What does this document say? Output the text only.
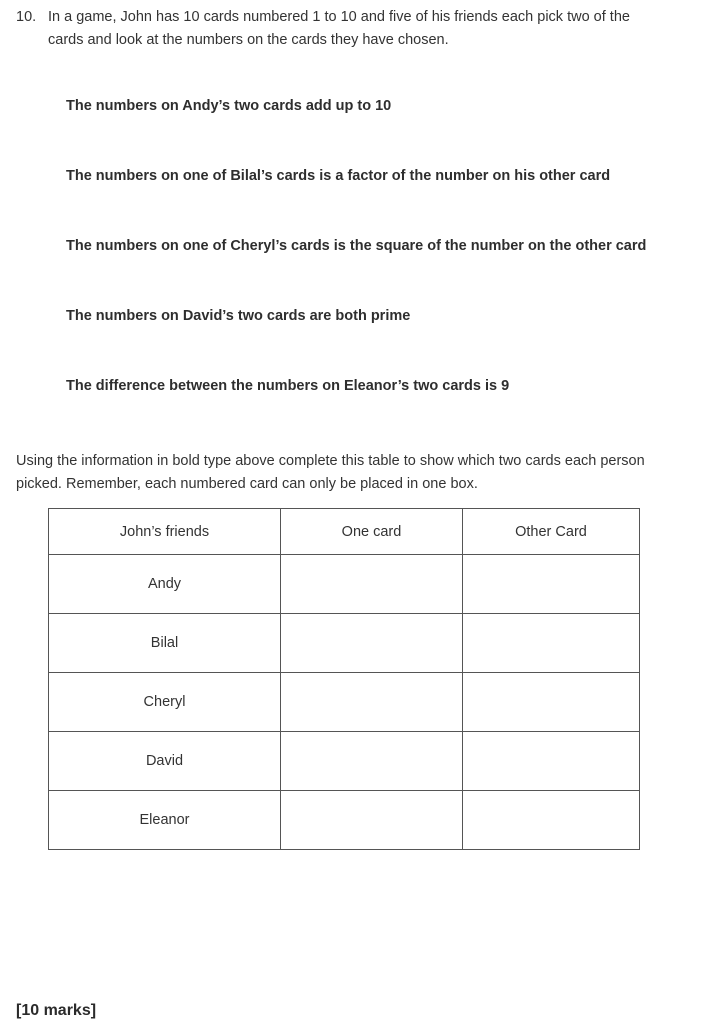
10. In a game, John has 10 cards numbered 1 to 10 and five of his friends each pick two of the
cards and look at the numbers on the cards they have chosen.
The numbers on Andy’s two cards add up to 10
The numbers on one of Bilal’s cards is a factor of the number on his other card
The numbers on one of Cheryl’s cards is the square of the number on the other card
The numbers on David’s two cards are both prime
The difference between the numbers on Eleanor’s two cards is 9
Using the information in bold type above complete this table to show which two cards each person
picked. Remember, each numbered card can only be placed in one box.
John’s friends	One card	Other Card
Andy		
Bilal		
Cheryl		
David		
Eleanor		
[10 marks]
